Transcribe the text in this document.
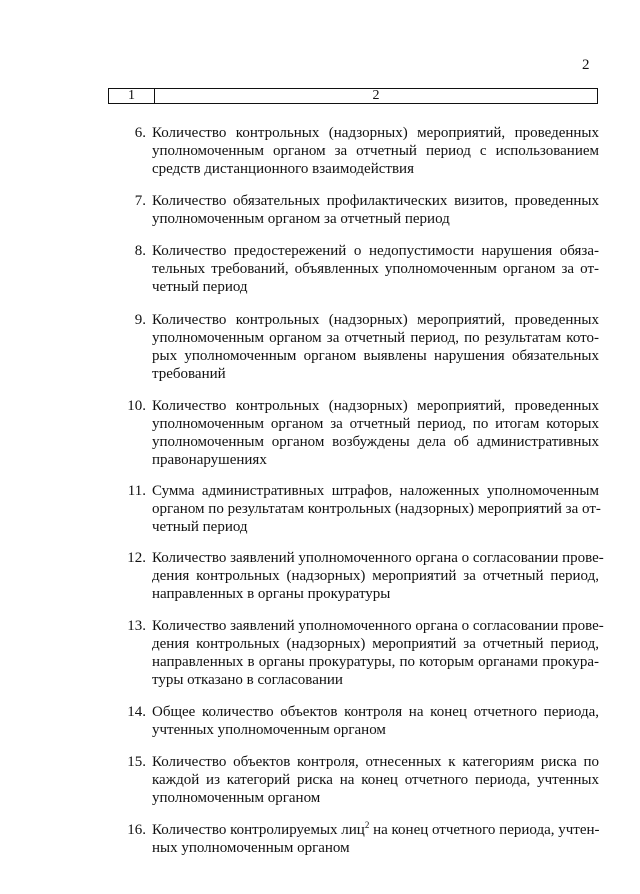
2
1	2
6. Количество контрольных (надзорных) мероприятий, проведенных
уполномоченным органом за отчетный период с использованием
средств дистанционного взаимодействия
7. Количество обязательных профилактических визитов, проведенных
уполномоченным органом за отчетный период
8. Количество предостережений о недопустимости нарушения обяза-
тельных требований, объявленных уполномоченным органом за от-
четный период
9. Количество контрольных (надзорных) мероприятий, проведенных
уполномоченным органом за отчетный период, по результатам кото-
рых уполномоченным органом выявлены нарушения обязательных
требований
10. Количество контрольных (надзорных) мероприятий, проведенных
уполномоченным органом за отчетный период, по итогам которых
уполномоченным органом возбуждены дела об административных
правонарушениях
11. Сумма административных штрафов, наложенных уполномоченным
органом по результатам контрольных (надзорных) мероприятий за от-
четный период
12. Количество заявлений уполномоченного органа о согласовании прове-
дения контрольных (надзорных) мероприятий за отчетный период,
направленных в органы прокуратуры
13. Количество заявлений уполномоченного органа о согласовании прове-
дения контрольных (надзорных) мероприятий за отчетный период,
направленных в органы прокуратуры, по которым органами прокура-
туры отказано в согласовании
14. Общее количество объектов контроля на конец отчетного периода,
учтенных уполномоченным органом
15. Количество объектов контроля, отнесенных к категориям риска по
каждой из категорий риска на конец отчетного периода, учтенных
уполномоченным органом
16. Количество контролируемых лиц$^2$ на конец отчетного периода, учтен-
ных уполномоченным органом
